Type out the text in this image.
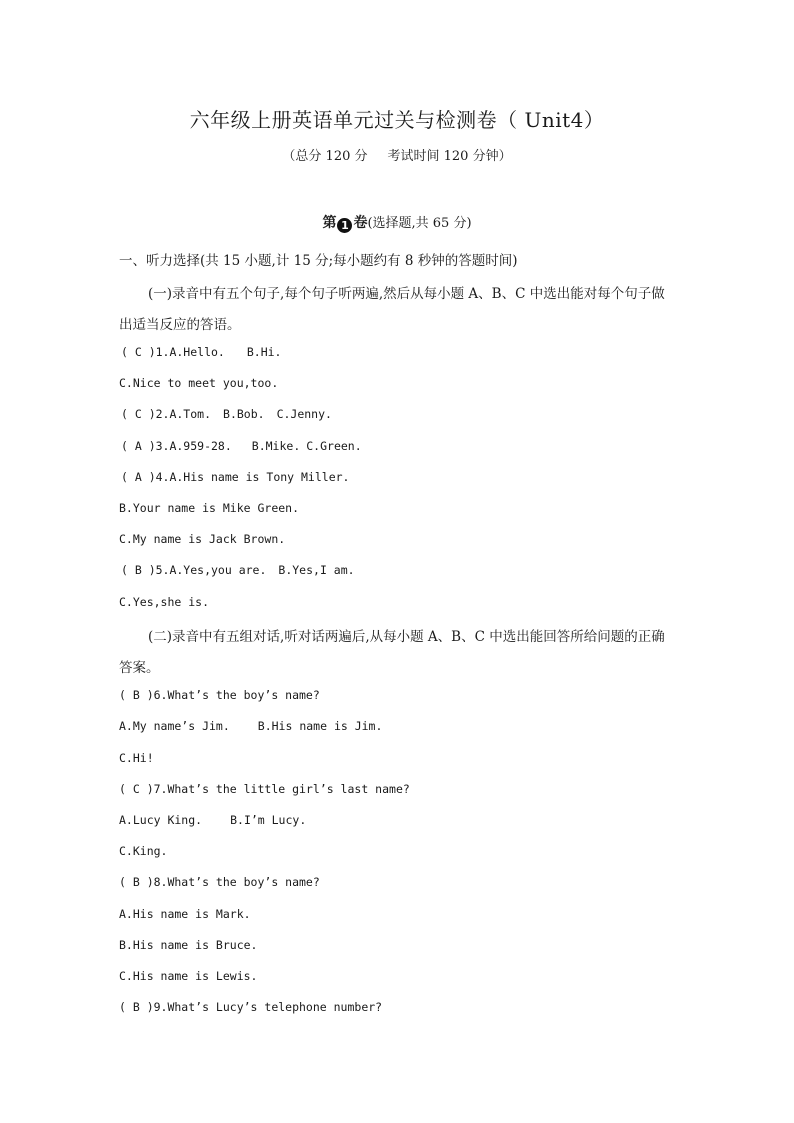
六年级上册英语单元过关与检测卷（ Unit4）
（总分 120 分 考试时间 120 分钟）
第 1 卷(选择题,共 65 分)
一、听力选择(共 15 小题,计 15 分;每小题约有 8 秒钟的答题时间)
(一)录音中有五个句子,每个句子听两遍,然后从每小题 A、B、C 中选出能对每个句子做
出适当反应的答语。
( C )1.A.Hello. B.Hi.
C.Nice to meet you,too.
( C )2.A.Tom. B.Bob. C.Jenny.
( A )3.A.959-28. B.Mike. C.Green.
( A )4.A.His name is Tony Miller.
B.Your name is Mike Green.
C.My name is Jack Brown.
( B )5.A.Yes,you are. B.Yes,I am.
C.Yes,she is.
(二)录音中有五组对话,听对话两遍后,从每小题 A、B、C 中选出能回答所给问题的正确
答案。
( B )6.What’s the boy’s name?
A.My name’s Jim. B.His name is Jim.
C.Hi!
( C )7.What’s the little girl’s last name?
A.Lucy King. B.I’m Lucy.
C.King.
( B )8.What’s the boy’s name?
A.His name is Mark.
B.His name is Bruce.
C.His name is Lewis.
( B )9.What’s Lucy’s telephone number?
